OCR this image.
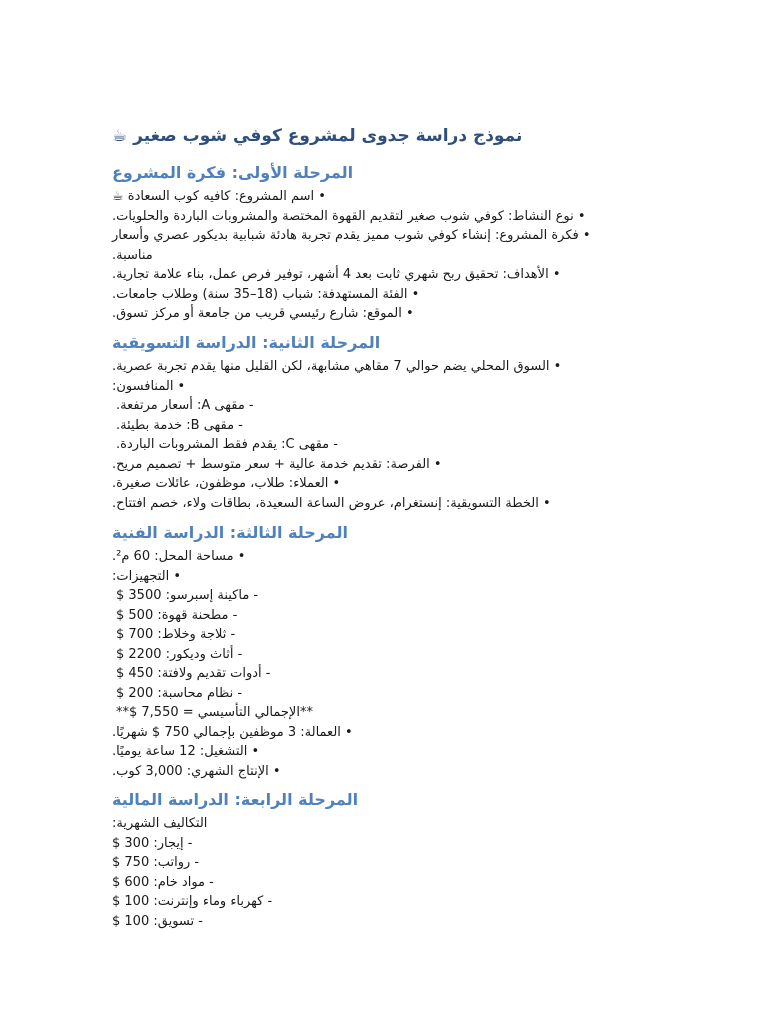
نموذج دراسة جدوى لمشروع كوفي شوب صغير ☕
المرحلة الأولى: فكرة المشروع
• اسم المشروع: كافيه كوب السعادة ☕
• نوع النشاط: كوفي شوب صغير لتقديم القهوة المختصة والمشروبات الباردة والحلويات.
• فكرة المشروع: إنشاء كوفي شوب مميز يقدم تجربة هادئة شبابية بديكور عصري وأسعار مناسبة.
• الأهداف: تحقيق ربح شهري ثابت بعد 4 أشهر، توفير فرص عمل، بناء علامة تجارية.
• الفئة المستهدفة: شباب (18–35 سنة) وطلاب جامعات.
• الموقع: شارع رئيسي قريب من جامعة أو مركز تسوق.
المرحلة الثانية: الدراسة التسويقية
• السوق المحلي يضم حوالي 7 مقاهي مشابهة، لكن القليل منها يقدم تجربة عصرية.
• المنافسون:
- مقهى A: أسعار مرتفعة.
- مقهى B: خدمة بطيئة.
- مقهى C: يقدم فقط المشروبات الباردة.
• الفرصة: تقديم خدمة عالية + سعر متوسط + تصميم مريح.
• العملاء: طلاب، موظفون، عائلات صغيرة.
• الخطة التسويقية: إنستغرام، عروض الساعة السعيدة، بطاقات ولاء، خصم افتتاح.
المرحلة الثالثة: الدراسة الفنية
• مساحة المحل: 60 م².
• التجهيزات:
- ماكينة إسبرسو: 3500 $
- مطحنة قهوة: 500 $
- ثلاجة وخلاط: 700 $
- أثاث وديكور: 2200 $
- أدوات تقديم ولافتة: 450 $
- نظام محاسبة: 200 $
**الإجمالي التأسيسي = 7,550 $**
• العمالة: 3 موظفين بإجمالي 750 $ شهريًا.
• التشغيل: 12 ساعة يوميًا.
• الإنتاج الشهري: 3,000 كوب.
المرحلة الرابعة: الدراسة المالية
التكاليف الشهرية:
- إيجار: 300 $
- رواتب: 750 $
- مواد خام: 600 $
- كهرباء وماء وإنترنت: 100 $
- تسويق: 100 $
